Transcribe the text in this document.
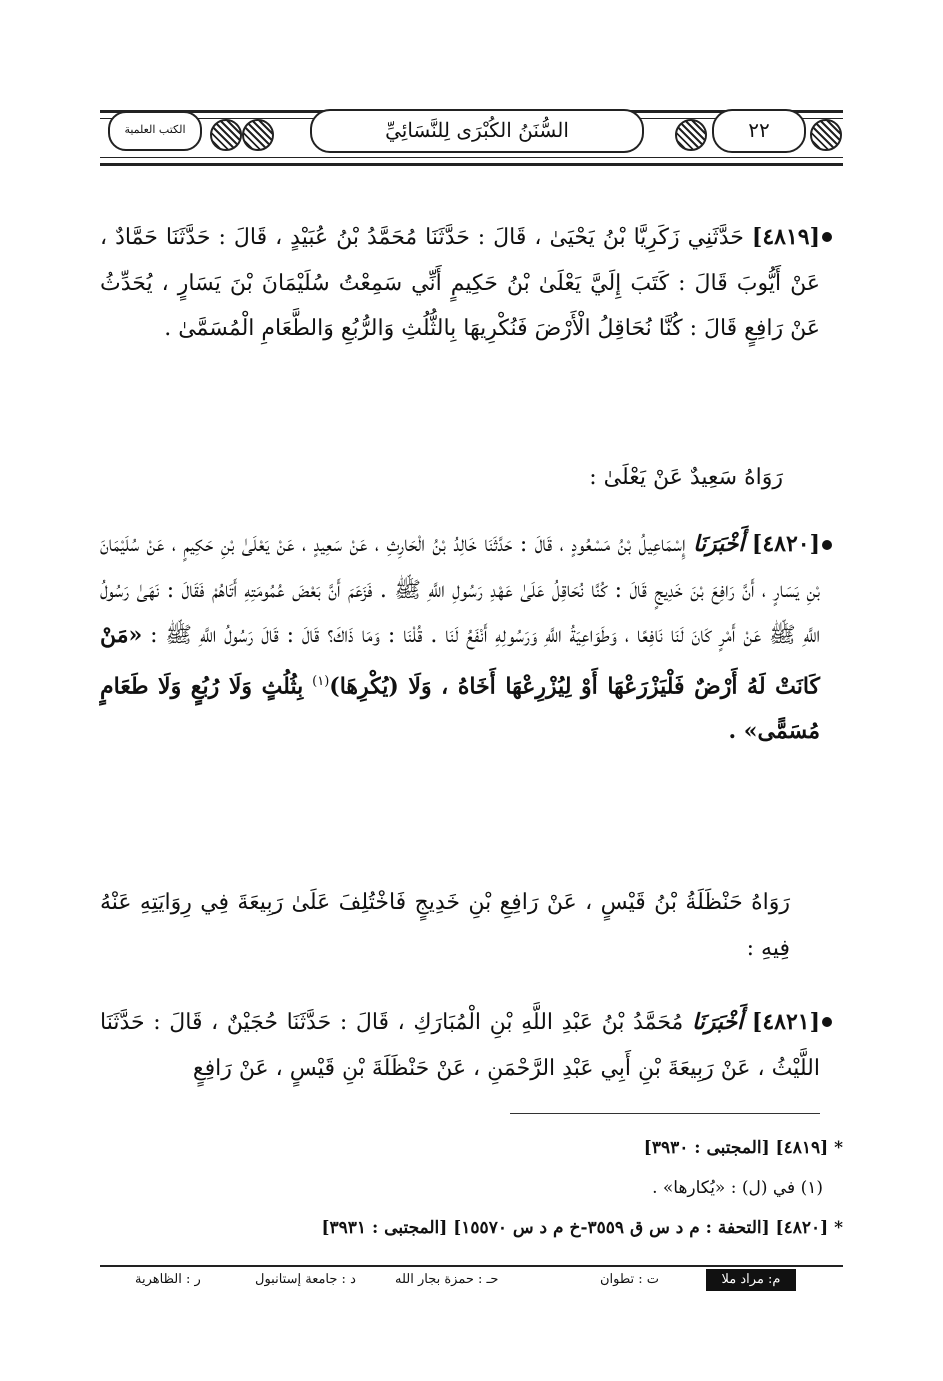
الكتب العلمية	السُّنَنُ الكُبْرَى لِلنَّسَائِيِّ	٢٢
[٤٨١٩] حَدَّثَنِي زَكَرِيَّا بْنُ يَحْيَىٰ ، قَالَ : حَدَّثَنَا مُحَمَّدُ بْنُ عُبَيْدٍ ، قَالَ : حَدَّثَنَا حَمَّادٌ ، عَنْ أَيُّوبَ قَالَ : كَتَبَ إِلَيَّ يَعْلَىٰ بْنُ حَكِيمٍ أَنِّي سَمِعْتُ سُلَيْمَانَ بْنَ يَسَارٍ ، يُحَدِّثُ عَنْ رَافِعٍ قَالَ : كُنَّا نُحَاقِلُ الْأَرْضَ فَنُكْرِيهَا بِالثُّلُثِ وَالرُّبُعِ وَالطَّعَامِ الْمُسَمَّىٰ .
رَوَاهُ سَعِيدٌ عَنْ يَعْلَىٰ :
[٤٨٢٠] أَخْبَرَنَا إِسْمَاعِيلُ بْنُ مَسْعُودٍ ، قَالَ : حَدَّثَنَا خَالِدُ بْنُ الْحَارِثِ ، عَنْ سَعِيدٍ ، عَنْ يَعْلَىٰ بْنِ حَكِيمٍ ، عَنْ سُلَيْمَانَ بْنِ يَسَارٍ ، أَنَّ رَافِعَ بْنَ خَدِيجٍ قَالَ : كُنَّا نُحَاقِلُ عَلَىٰ عَهْدِ رَسُولِ اللَّهِ ﷺ . فَزَعَمَ أَنَّ بَعْضَ عُمُومَتِهِ أَتَاهُمْ فَقَالَ : نَهَىٰ رَسُولُ اللَّهِ ﷺ عَنْ أَمْرٍ كَانَ لَنَا نَافِعًا ، وَطَوَاعِيَةُ اللَّهِ وَرَسُولِهِ أَنْفَعُ لَنَا . قُلْنَا : وَمَا ذَاكَ؟ قَالَ : قَالَ رَسُولُ اللَّهِ ﷺ : «مَنْ كَانَتْ لَهُ أَرْضٌ فَلْيَزْرَعْهَا أَوْ لِيُزْرِعْهَا أَخَاهُ ، وَلَا (يُكْرِهَا)$^{(١)}$ بِثُلُثٍ وَلَا رُبُعٍ وَلَا طَعَامٍ مُسَمًّى» .
رَوَاهُ حَنْظَلَةُ بْنُ قَيْسٍ ، عَنْ رَافِعِ بْنِ خَدِيجٍ فَاخْتُلِفَ عَلَىٰ رَبِيعَةَ فِي رِوَايَتِهِ عَنْهُ فِيهِ :
[٤٨٢١] أَخْبَرَنَا مُحَمَّدُ بْنُ عَبْدِ اللَّهِ بْنِ الْمُبَارَكِ ، قَالَ : حَدَّثَنَا حُجَيْنٌ ، قَالَ : حَدَّثَنَا اللَّيْثُ ، عَنْ رَبِيعَةَ بْنِ أَبِي عَبْدِ الرَّحْمَنِ ، عَنْ حَنْظَلَةَ بْنِ قَيْسٍ ، عَنْ رَافِعٍ
* [٤٨١٩] [المجتبى : ٣٩٣٠]
(١) في (ل) : «يُكارها» .
* [٤٨٢٠] [التحفة : م د س ق ٣٥٥٩-خ م د س ١٥٥٧٠] [المجتبى : ٣٩٣١]
م: مراد ملا
ت : تطوان
حـ : حمزة بجار الله
د : جامعة إستانبول
ر : الظاهرية
